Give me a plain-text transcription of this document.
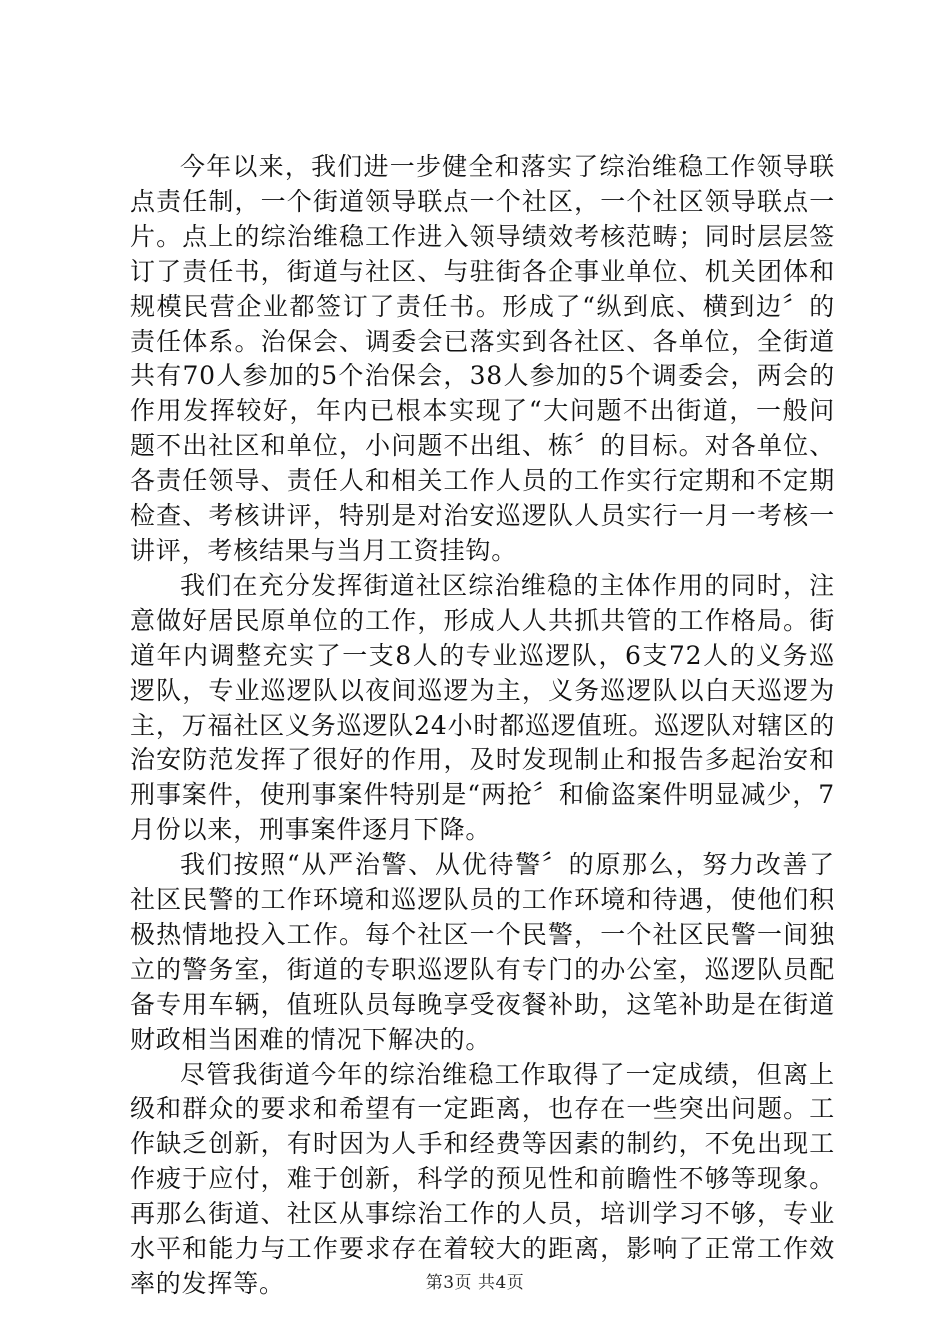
今年以来，我们进一步健全和落实了综治维稳工作领导联点责任制，一个街道领导联点一个社区，一个社区领导联点一片。点上的综治维稳工作进入领导绩效考核范畴；同时层层签订了责任书，街道与社区、与驻街各企事业单位、机关团体和规模民营企业都签订了责任书。形成了“纵到底、横到边〞的责任体系。治保会、调委会已落实到各社区、各单位，全街道共有70人参加的5个治保会，38人参加的5个调委会，两会的作用发挥较好，年内已根本实现了“大问题不出街道，一般问题不出社区和单位，小问题不出组、栋〞的目标。对各单位、各责任领导、责任人和相关工作人员的工作实行定期和不定期检查、考核讲评，特别是对治安巡逻队人员实行一月一考核一讲评，考核结果与当月工资挂钩。

我们在充分发挥街道社区综治维稳的主体作用的同时，注意做好居民原单位的工作，形成人人共抓共管的工作格局。街道年内调整充实了一支8人的专业巡逻队，6支72人的义务巡逻队，专业巡逻队以夜间巡逻为主，义务巡逻队以白天巡逻为主，万福社区义务巡逻队24小时都巡逻值班。巡逻队对辖区的治安防范发挥了很好的作用，及时发现制止和报告多起治安和刑事案件，使刑事案件特别是“两抢〞和偷盗案件明显减少，7月份以来，刑事案件逐月下降。

我们按照“从严治警、从优待警〞的原那么，努力改善了社区民警的工作环境和巡逻队员的工作环境和待遇，使他们积极热情地投入工作。每个社区一个民警，一个社区民警一间独立的警务室，街道的专职巡逻队有专门的办公室，巡逻队员配备专用车辆，值班队员每晚享受夜餐补助，这笔补助是在街道财政相当困难的情况下解决的。

尽管我街道今年的综治维稳工作取得了一定成绩，但离上级和群众的要求和希望有一定距离，也存在一些突出问题。工作缺乏创新，有时因为人手和经费等因素的制约，不免出现工作疲于应付，难于创新，科学的预见性和前瞻性不够等现象。再那么街道、社区从事综治工作的人员，培训学习不够，专业水平和能力与工作要求存在着较大的距离，影响了正常工作效率的发挥等。	第3页 共4页
